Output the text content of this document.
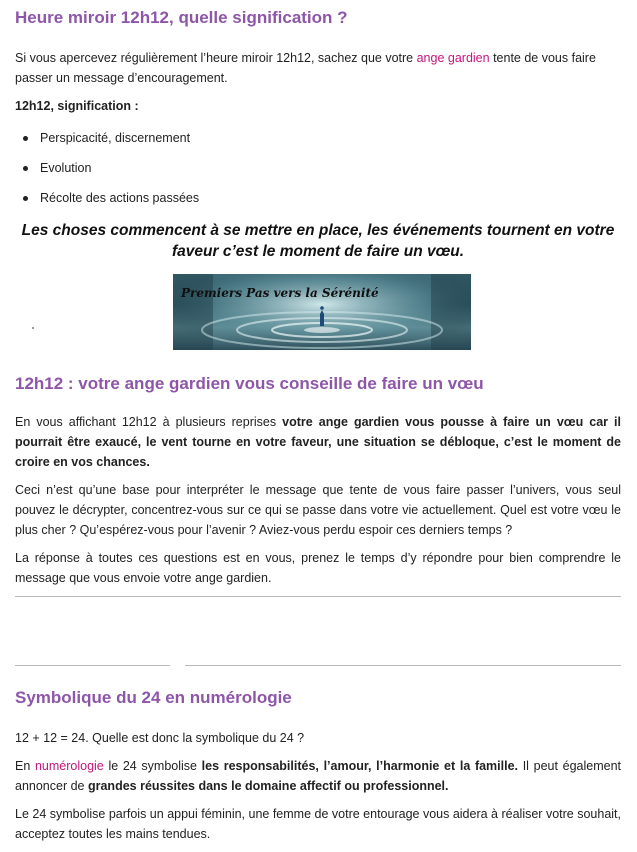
Heure miroir 12h12, quelle signification ?

Si vous apercevez régulièrement l’heure miroir 12h12, sachez que votre ange gardien tente de vous faire passer un message d’encouragement.

12h12, signification :

Perspicacité, discernement
Evolution
Récolte des actions passées
Les choses commencent à se mettre en place, les événements tournent en votre faveur c’est le moment de faire un vœu.
Premiers Pas vers la Sérénité
12h12 : votre ange gardien vous conseille de faire un vœu

En vous affichant 12h12 à plusieurs reprises votre ange gardien vous pousse à faire un vœu car il pourrait être exaucé, le vent tourne en votre faveur, une situation se débloque, c’est le moment de croire en vos chances.

Ceci n’est qu’une base pour interpréter le message que tente de vous faire passer l’univers, vous seul pouvez le décrypter, concentrez-vous sur ce qui se passe dans votre vie actuellement. Quel est votre vœu le plus cher ? Qu’espérez-vous pour l’avenir ? Aviez-vous perdu espoir ces derniers temps ?

La réponse à toutes ces questions est en vous, prenez le temps d’y répondre pour bien comprendre le message que vous envoie votre ange gardien.

Symbolique du 24 en numérologie

12 + 12 = 24. Quelle est donc la symbolique du 24 ?

En numérologie le 24 symbolise les responsabilités, l’amour, l’harmonie et la famille. Il peut également annoncer de grandes réussites dans le domaine affectif ou professionnel.

Le 24 symbolise parfois un appui féminin, une femme de votre entourage vous aidera à réaliser votre souhait, acceptez toutes les mains tendues.
